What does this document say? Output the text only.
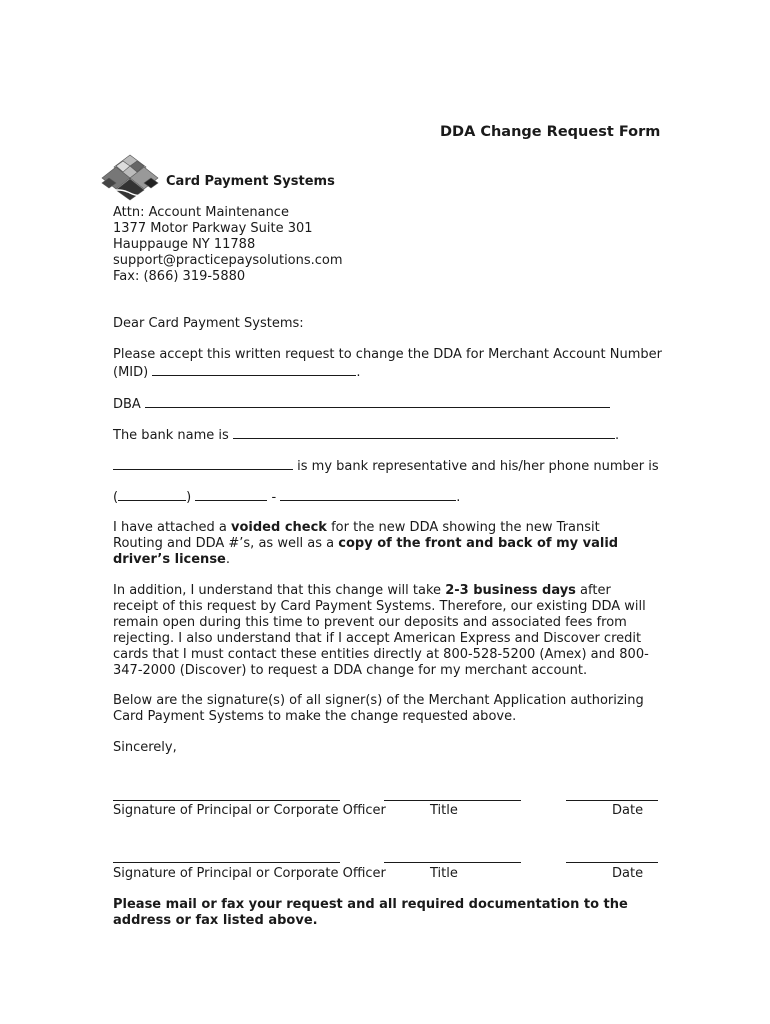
DDA Change Request Form
Card Payment Systems
Attn: Account Maintenance
1377 Motor Parkway Suite 301
Hauppauge NY 11788
support@practicepaysolutions.com
Fax: (866) 319-5880
Dear Card Payment Systems:
Please accept this written request to change the DDA for Merchant Account Number
(MID)	.
DBA
The bank name is	.
is my bank representative and his/her phone number is
(	)	-	.
I have attached a voided check for the new DDA showing the new Transit Routing and DDA #’s, as well as a copy of the front and back of my valid driver’s license.
In addition, I understand that this change will take 2-3 business days after receipt of this request by Card Payment Systems. Therefore, our existing DDA will remain open during this time to prevent our deposits and associated fees from rejecting. I also understand that if I accept American Express and Discover credit cards that I must contact these entities directly at 800-528-5200 (Amex) and 800-347-2000 (Discover) to request a DDA change for my merchant account.
Below are the signature(s) of all signer(s) of the Merchant Application authorizing Card Payment Systems to make the change requested above.
Sincerely,
Signature of Principal or Corporate Officer	Title	Date
Signature of Principal or Corporate Officer	Title	Date
Please mail or fax your request and all required documentation to the address or fax listed above.
